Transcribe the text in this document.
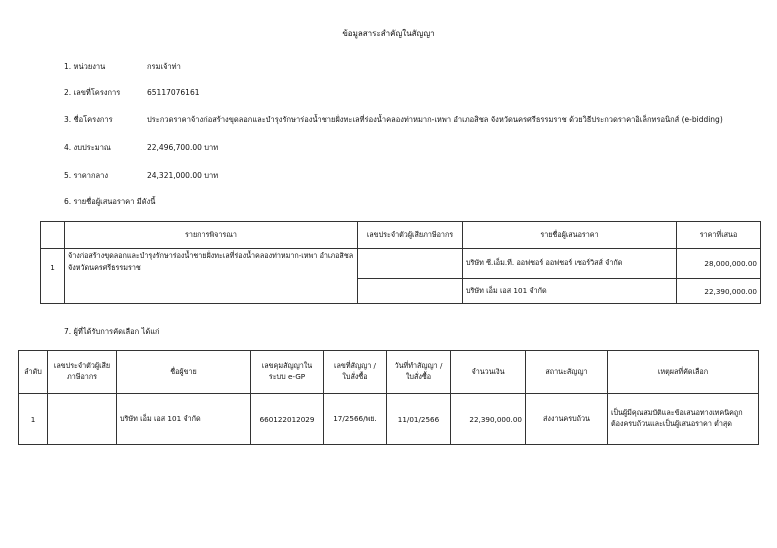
ข้อมูลสาระสำคัญในสัญญา
1. หน่วยงาน	กรมเจ้าท่า
2. เลขที่โครงการ	65117076161
3. ชื่อโครงการ	ประกวดราคาจ้างก่อสร้างขุดลอกและบำรุงรักษาร่องน้ำชายฝั่งทะเลที่ร่องน้ำคลองท่าหมาก-เหพา อำเภอสิชล จังหวัดนครศรีธรรมราช ด้วยวิธีประกวดราคาอิเล็กทรอนิกส์ (e-bidding)
4. งบประมาณ	22,496,700.00 บาท
5. ราคากลาง	24,321,000.00 บาท
6. รายชื่อผู้เสนอราคา มีดังนี้
	รายการพิจารณา	เลขประจำตัวผู้เสียภาษีอากร	รายชื่อผู้เสนอราคา	ราคาที่เสนอ
1	จ้างก่อสร้างขุดลอกและบำรุงรักษาร่องน้ำชายฝั่งทะเลที่ร่องน้ำคลองท่าหมาก-เหพา อำเภอสิชล จังหวัดนครศรีธรรมราช		บริษัท ซี.เอ็ม.ที. ออฟชอร์ ออฟชอร์ เซอร์วิสส์ จำกัด	28,000,000.00
			บริษัท เอ็ม เอส 101 จำกัด	22,390,000.00
7. ผู้ที่ได้รับการคัดเลือก ได้แก่
ลำดับ	เลขประจำตัวผู้เสียภาษีอากร	ชื่อผู้ขาย	เลขคุมสัญญาในระบบ e-GP	เลขที่สัญญา / ใบสั่งซื้อ	วันที่ทำสัญญา / ใบสั่งซื้อ	จำนวนเงิน	สถานะสัญญา	เหตุผลที่คัดเลือก
1		บริษัท เอ็ม เอส 101 จำกัด	660122012029	17/2566/พย.	11/01/2566	22,390,000.00	ส่งงานครบถ้วน	เป็นผู้มีคุณสมบัติและข้อเสนอทางเทคนิคถูกต้องครบถ้วนและเป็นผู้เสนอราคา ต่ำสุด
